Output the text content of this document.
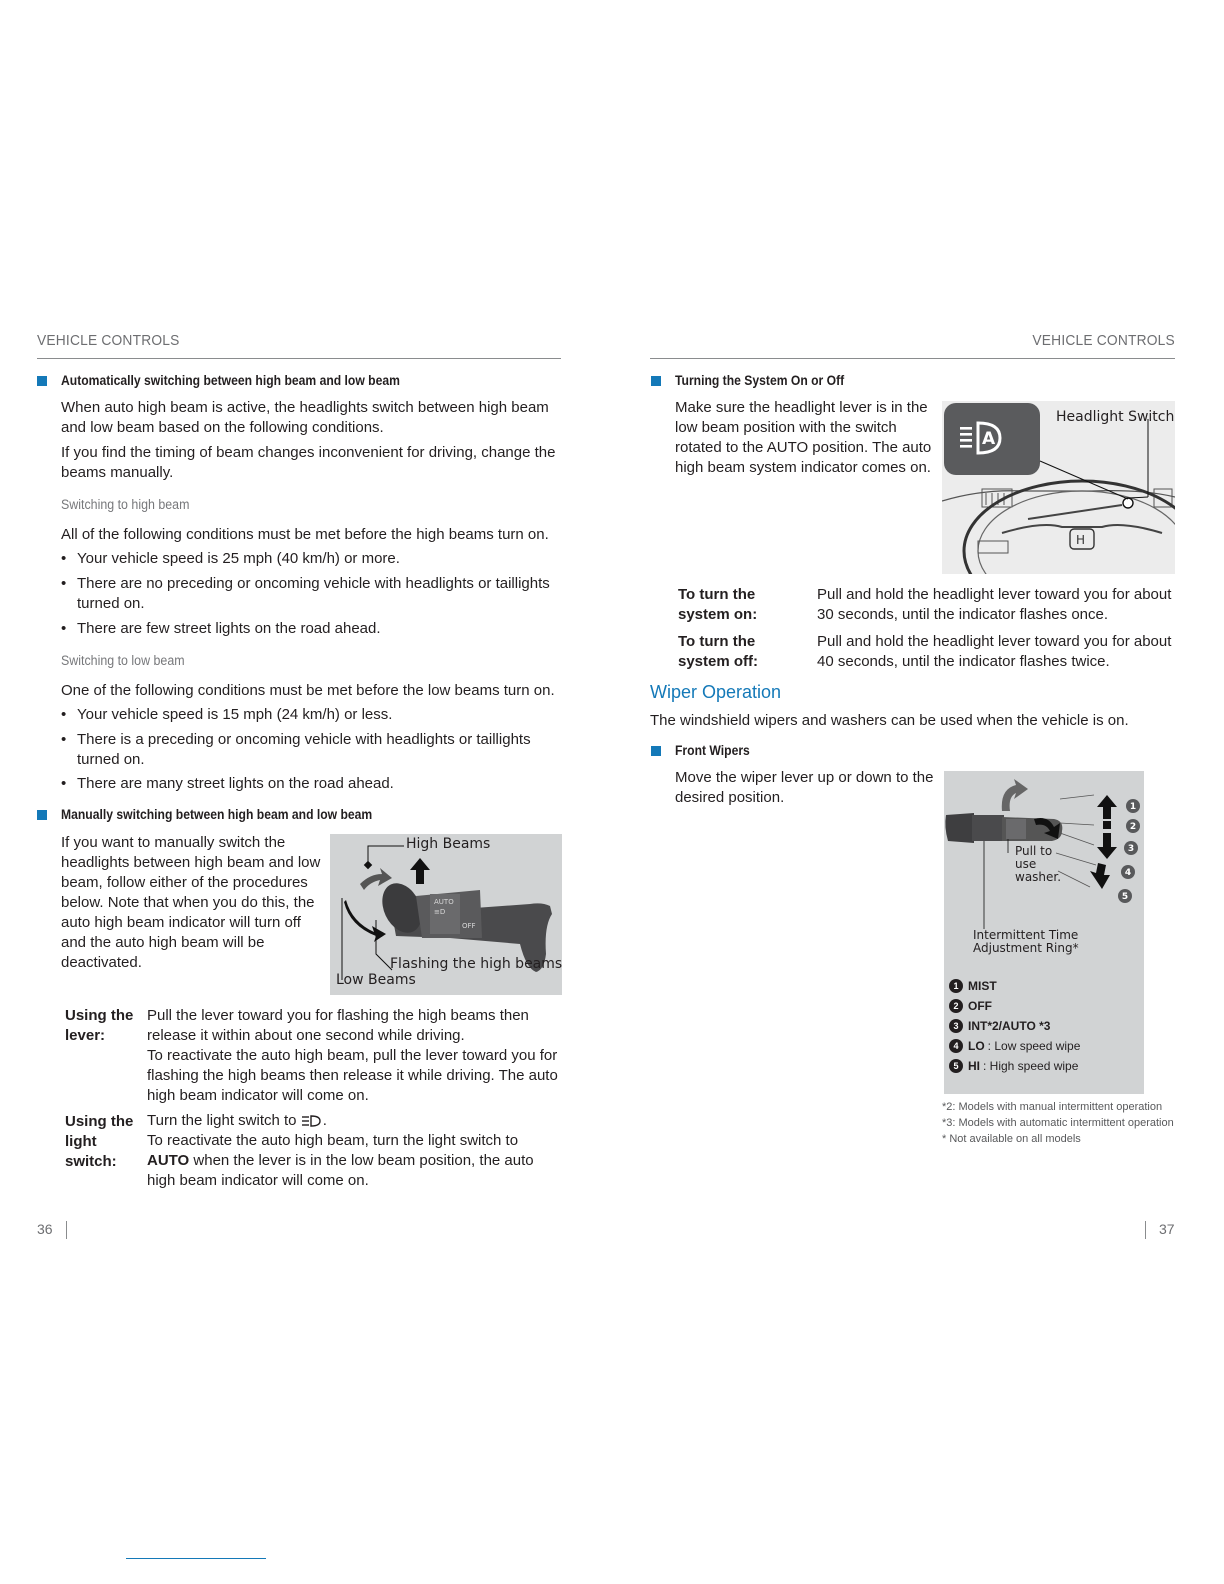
VEHICLE CONTROLS
Automatically switching between high beam and low beam
When auto high beam is active, the headlights switch between high beam and low beam based on the following conditions.
If you find the timing of beam changes inconvenient for driving, change the beams manually.
Switching to high beam
All of the following conditions must be met before the high beams turn on.
• Your vehicle speed is 25 mph (40 km/h) or more.
• There are no preceding or oncoming vehicle with headlights or taillights turned on.
• There are few street lights on the road ahead.
Switching to low beam
One of the following conditions must be met before the low beams turn on.
• Your vehicle speed is 15 mph (24 km/h) or less.
• There is a preceding or oncoming vehicle with headlights or taillights turned on.
• There are many street lights on the road ahead.
Manually switching between high beam and low beam
If you want to manually switch the headlights between high beam and low beam, follow either of the procedures below. Note that when you do this, the auto high beam indicator will turn off and the auto high beam will be deactivated.
AUTO
≡D
OFF
High Beams
Flashing the high beams
Low Beams
Using the lever:
Pull the lever toward you for flashing the high beams then release it within about one second while driving.
To reactivate the auto high beam, pull the lever toward you for flashing the high beams then release it while driving. The auto high beam indicator will come on.
Using the light switch:
Turn the light switch to .
To reactivate the auto high beam, turn the light switch to AUTO when the lever is in the low beam position, the auto high beam indicator will come on.
36
VEHICLE CONTROLS
Turning the System On or Off
Make sure the headlight lever is in the low beam position with the switch rotated to the AUTO position. The auto high beam system indicator comes on.
H
A
Headlight Switch
To turn the system on:
Pull and hold the headlight lever toward you for about 30 seconds, until the indicator flashes once.
To turn the system off:
Pull and hold the headlight lever toward you for about 40 seconds, until the indicator flashes twice.
Wiper Operation
The windshield wipers and washers can be used when the vehicle is on.
Front Wipers
Move the wiper lever up or down to the desired position.
1
2
3
4
5
Pull to use washer.
Intermittent Time Adjustment Ring*
1 MIST
2 OFF
3 INT*2/AUTO *3
4 LO : Low speed wipe
5 HI : High speed wipe
*2: Models with manual intermittent operation
*3: Models with automatic intermittent operation
* Not available on all models
37
